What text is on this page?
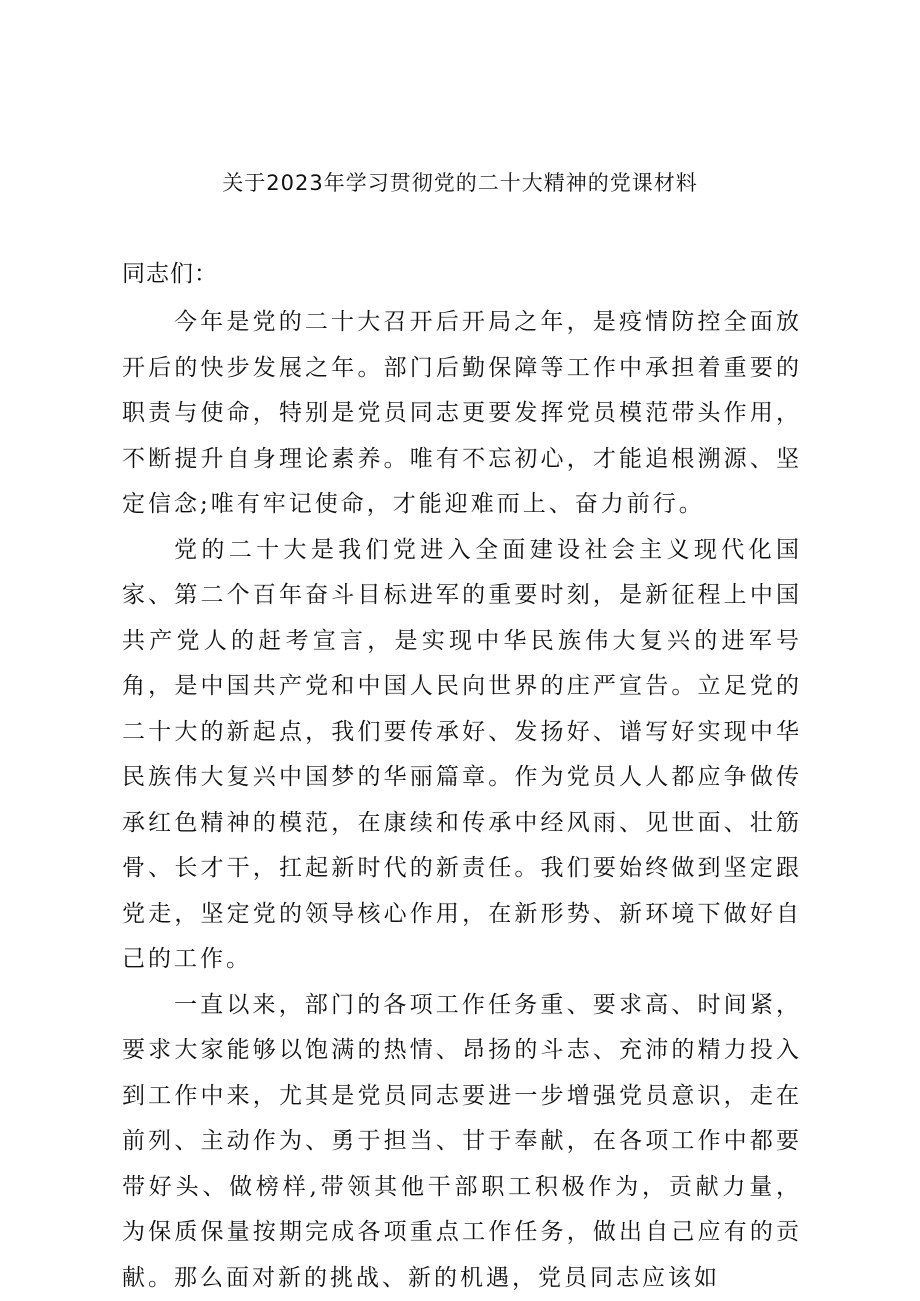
关于2023年学习贯彻党的二十大精神的党课材料
同志们：

今年是党的二十大召开后开局之年，是疫情防控全面放开后的快步发展之年。部门后勤保障等工作中承担着重要的职责与使命，特别是党员同志更要发挥党员模范带头作用，不断提升自身理论素养。唯有不忘初心，才能追根溯源、坚定信念;唯有牢记使命，才能迎难而上、奋力前行。

党的二十大是我们党进入全面建设社会主义现代化国家、第二个百年奋斗目标进军的重要时刻，是新征程上中国共产党人的赶考宣言，是实现中华民族伟大复兴的进军号角，是中国共产党和中国人民向世界的庄严宣告。立足党的二十大的新起点，我们要传承好、发扬好、谱写好实现中华民族伟大复兴中国梦的华丽篇章。作为党员人人都应争做传承红色精神的模范，在康续和传承中经风雨、见世面、壮筋骨、长才干，扛起新时代的新责任。我们要始终做到坚定跟党走，坚定党的领导核心作用，在新形势、新环境下做好自己的工作。

一直以来，部门的各项工作任务重、要求高、时间紧，要求大家能够以饱满的热情、昂扬的斗志、充沛的精力投入到工作中来，尤其是党员同志要进一步增强党员意识，走在前列、主动作为、勇于担当、甘于奉献，在各项工作中都要带好头、做榜样,带领其他干部职工积极作为，贡献力量，为保质保量按期完成各项重点工作任务，做出自己应有的贡献。那么面对新的挑战、新的机遇，党员同志应该如
